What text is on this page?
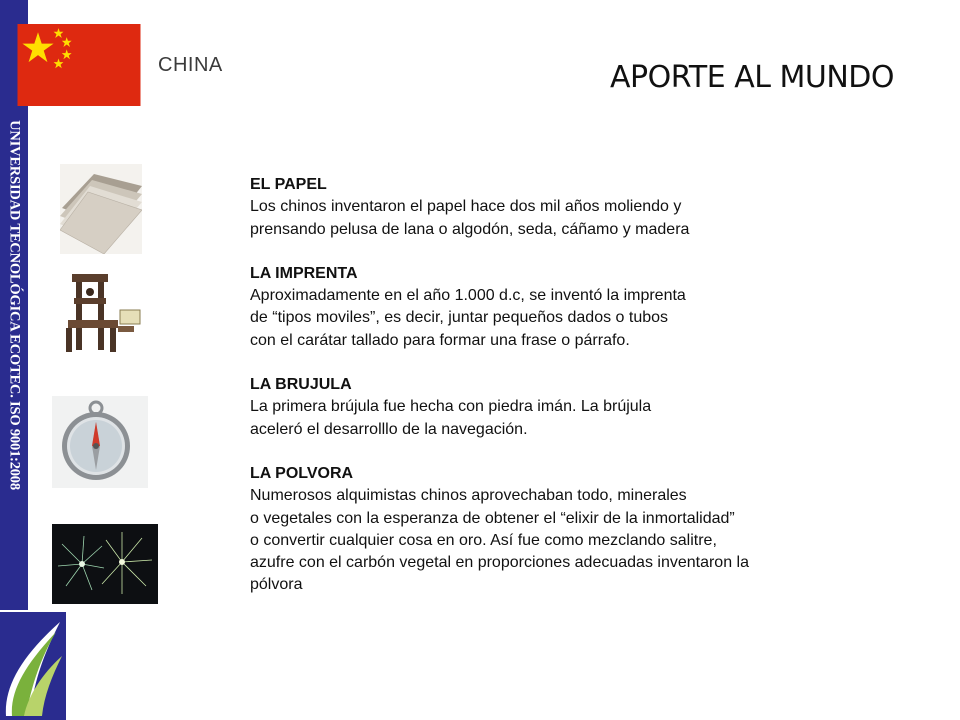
UNIVERSIDAD TECNOLÓGICA ECOTEC. ISO 9001:2008
CHINA	APORTE AL MUNDO
EL PAPEL
Los chinos inventaron el papel hace dos mil años moliendo y
prensando pelusa de lana o algodón, seda, cáñamo y madera
LA IMPRENTA
Aproximadamente en el año 1.000 d.c, se inventó la imprenta
de “tipos moviles”, es decir, juntar pequeños dados o tubos
con el carátar tallado para formar una frase o párrafo.
LA BRUJULA
La primera brújula fue hecha con piedra imán. La brújula
aceleró el desarrolllo de la navegación.
LA POLVORA
Numerosos alquimistas chinos aprovechaban todo, minerales
o vegetales con la esperanza de obtener el “elixir de la inmortalidad”
o convertir cualquier cosa en oro. Así fue como mezclando salitre,
azufre con el carbón vegetal en proporciones adecuadas inventaron la
pólvora
